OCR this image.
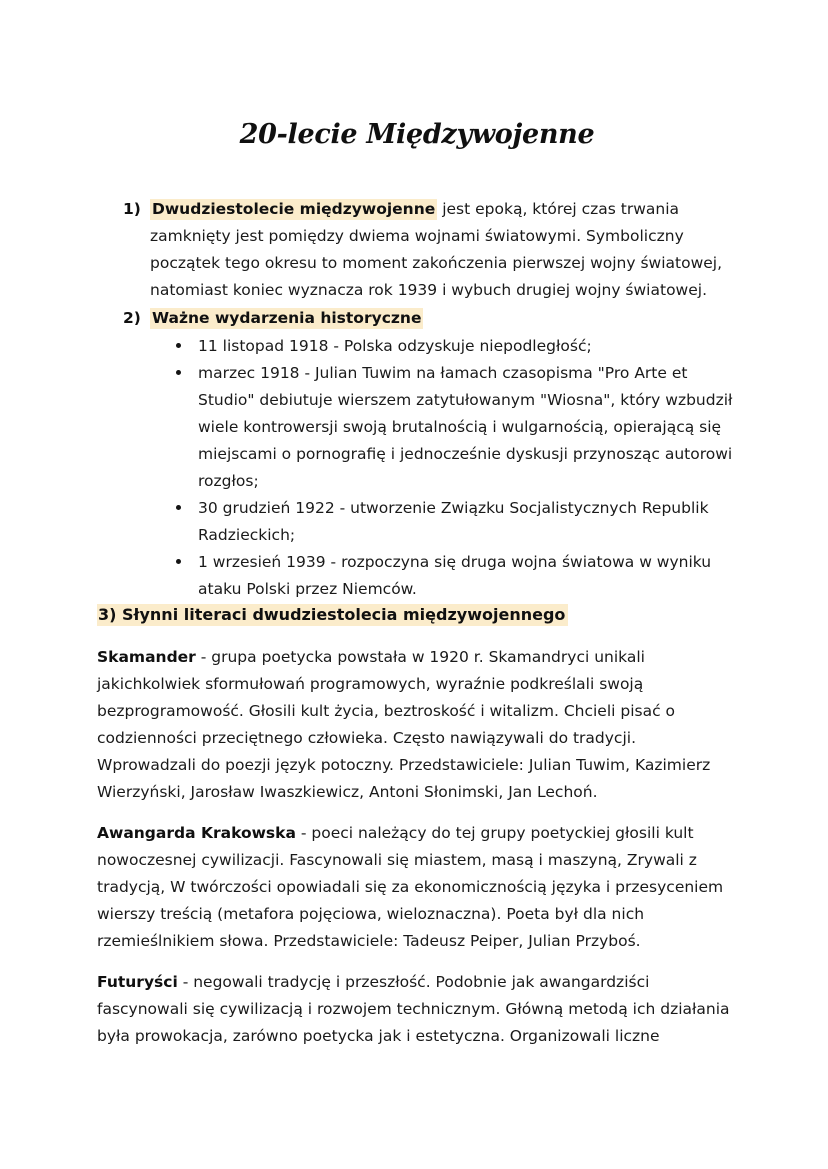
20-lecie Międzywojenne
1) Dwudziestolecie międzywojenne jest epoką, której czas trwania zamknięty jest pomiędzy dwiema wojnami światowymi. Symboliczny początek tego okresu to moment zakończenia pierwszej wojny światowej, natomiast koniec wyznacza rok 1939 i wybuch drugiej wojny światowej.
2) Ważne wydarzenia historyczne
11 listopad 1918 - Polska odzyskuje niepodległość;
marzec 1918 - Julian Tuwim na łamach czasopisma "Pro Arte et Studio" debiutuje wierszem zatytułowanym "Wiosna", który wzbudził wiele kontrowersji swoją brutalnością i wulgarnością, opierającą się miejscami o pornografię i jednocześnie dyskusji przynosząc autorowi rozgłos;
30 grudzień 1922 - utworzenie Związku Socjalistycznych Republik Radzieckich;
1 wrzesień 1939 - rozpoczyna się druga wojna światowa w wyniku ataku Polski przez Niemców.
3) Słynni literaci dwudziestolecia międzywojennego

Skamander - grupa poetycka powstała w 1920 r. Skamandryci unikali jakichkolwiek sformułowań programowych, wyraźnie podkreślali swoją bezprogramowość. Głosili kult życia, beztroskość i witalizm. Chcieli pisać o codzienności przeciętnego człowieka. Często nawiązywali do tradycji. Wprowadzali do poezji język potoczny. Przedstawiciele: Julian Tuwim, Kazimierz Wierzyński, Jarosław Iwaszkiewicz, Antoni Słonimski, Jan Lechoń.

Awangarda Krakowska - poeci należący do tej grupy poetyckiej głosili kult nowoczesnej cywilizacji. Fascynowali się miastem, masą i maszyną, Zrywali z tradycją, W twórczości opowiadali się za ekonomicznością języka i przesyceniem wierszy treścią (metafora pojęciowa, wieloznaczna). Poeta był dla nich rzemieślnikiem słowa. Przedstawiciele: Tadeusz Peiper, Julian Przyboś.

Futuryści - negowali tradycję i przeszłość. Podobnie jak awangardziści fascynowali się cywilizacją i rozwojem technicznym. Główną metodą ich działania była prowokacja, zarówno poetycka jak i estetyczna. Organizowali liczne
